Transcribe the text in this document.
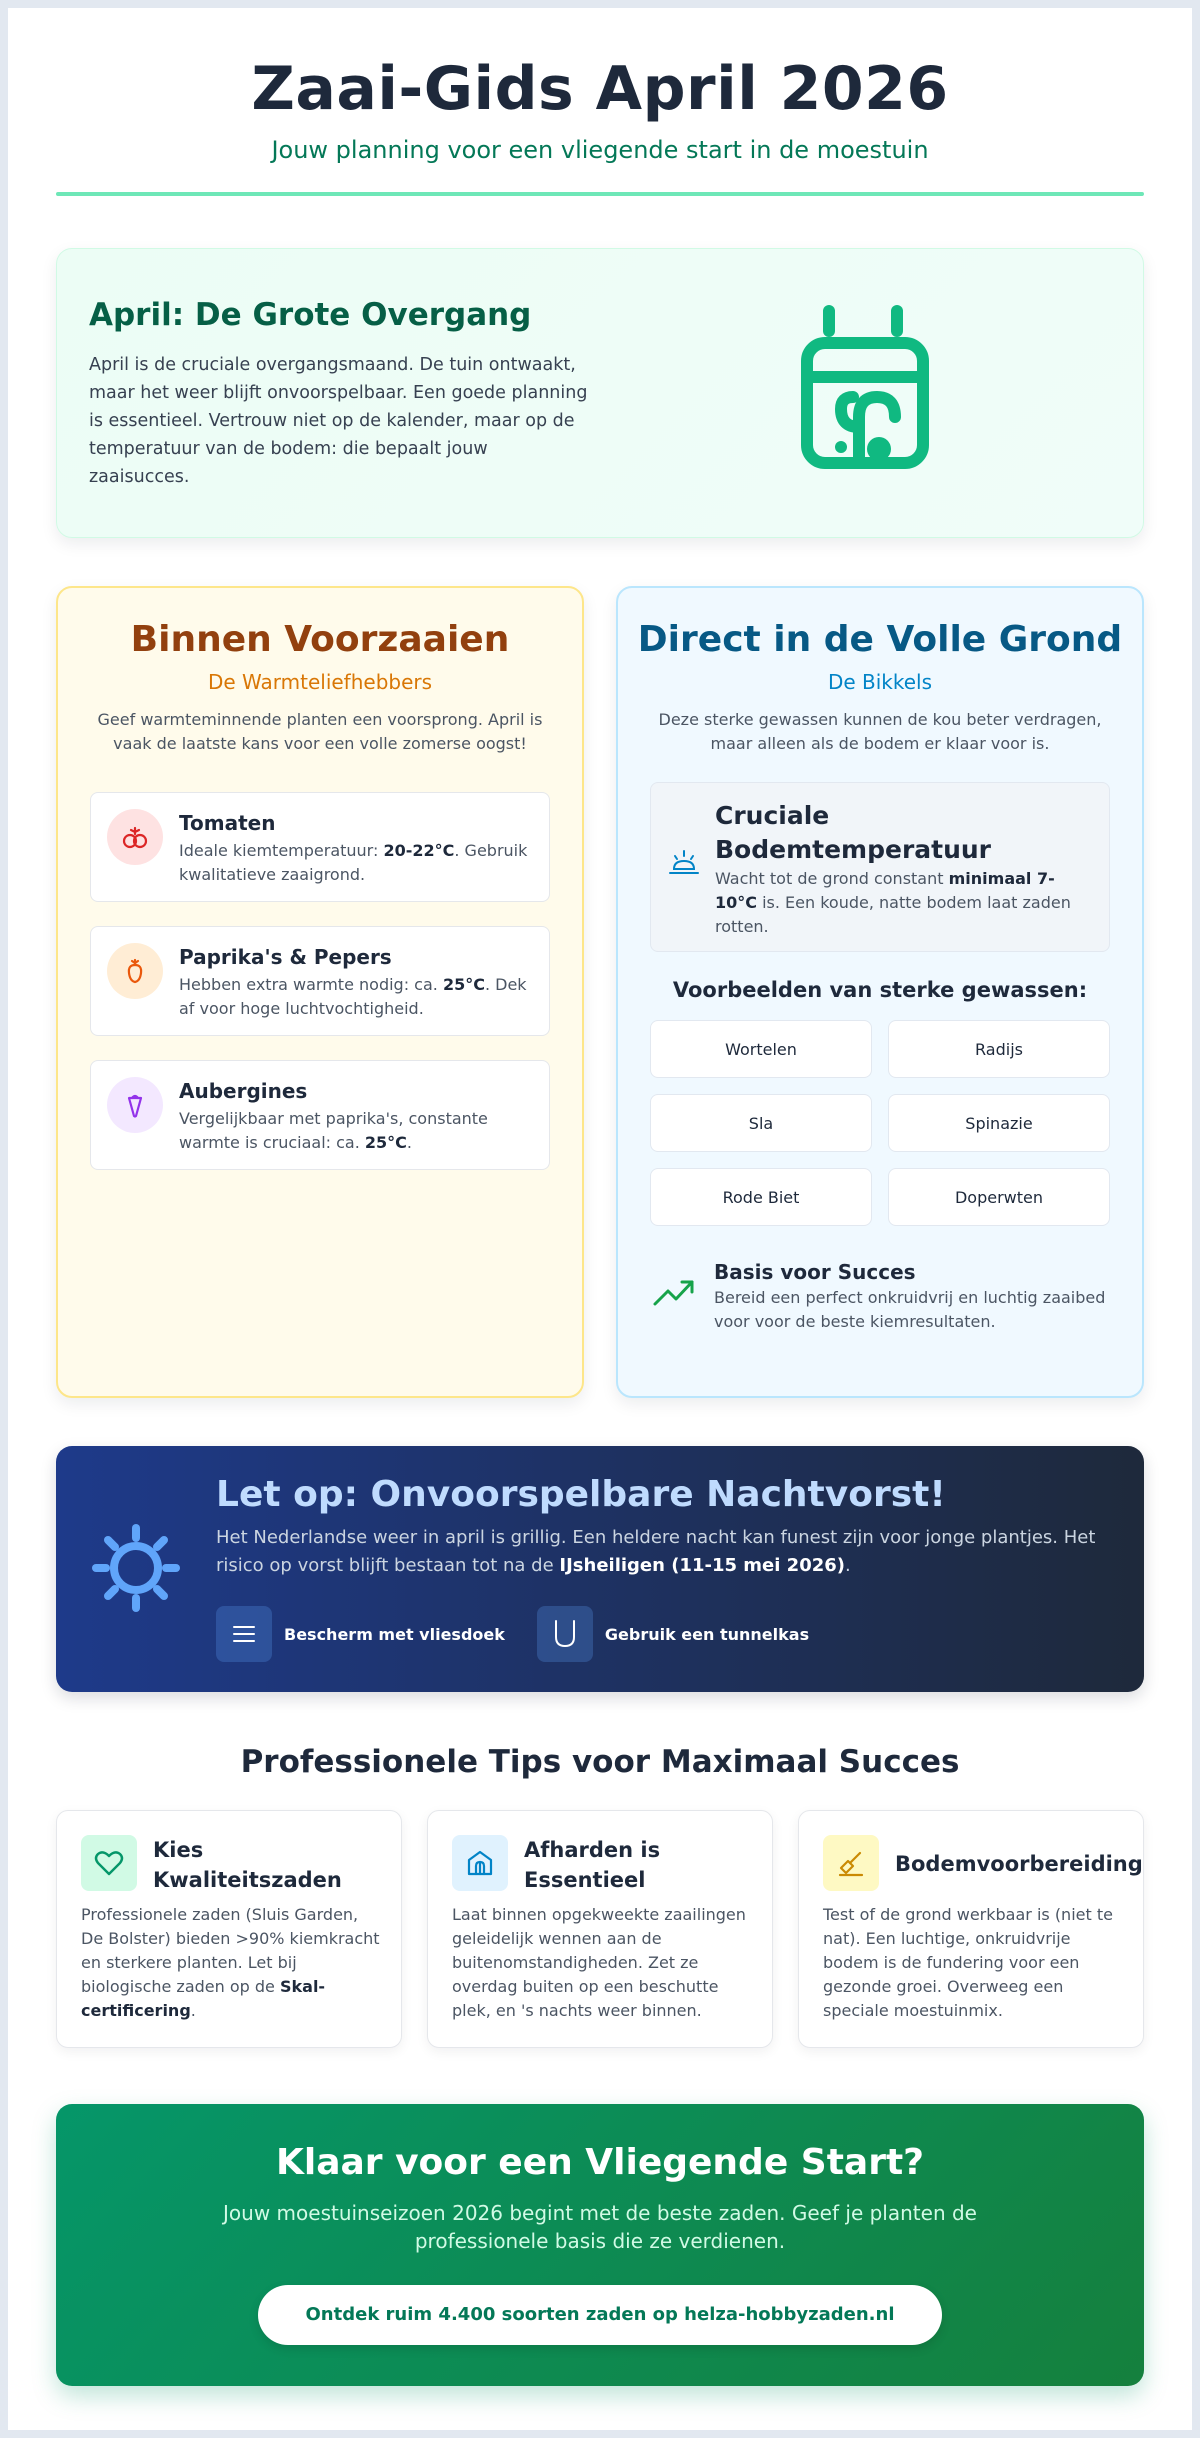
Zaai-Gids April 2026
Jouw planning voor een vliegende start in de moestuin
April: De Grote Overgang

April is de cruciale overgangsmaand. De tuin ontwaakt, maar het weer blijft onvoorspelbaar. Een goede planning is essentieel. Vertrouw niet op de kalender, maar op de temperatuur van de bodem: die bepaalt jouw zaaisucces.

Binnen Voorzaaien
De Warmteliefhebbers

Geef warmteminnende planten een voorsprong. April is vaak de laatste kans voor een volle zomerse oogst!

Tomaten
Ideale kiemtemperatuur: 20-22°C. Gebruik kwalitatieve zaaigrond.
Paprika's & Pepers
Hebben extra warmte nodig: ca. 25°C. Dek af voor hoge luchtvochtigheid.
Aubergines
Vergelijkbaar met paprika's, constante warmte is cruciaal: ca. 25°C.
Direct in de Volle Grond
De Bikkels

Deze sterke gewassen kunnen de kou beter verdragen, maar alleen als de bodem er klaar voor is.

Cruciale Bodemtemperatuur
Wacht tot de grond constant minimaal 7-10°C is. Een koude, natte bodem laat zaden rotten.
Voorbeelden van sterke gewassen:
Wortelen	Radijs
Sla	Spinazie
Rode Biet	Doperwten
Basis voor Succes
Bereid een perfect onkruidvrij en luchtig zaaibed voor voor de beste kiemresultaten.
Let op: Onvoorspelbare Nachtvorst!
Het Nederlandse weer in april is grillig. Een heldere nacht kan funest zijn voor jonge plantjes. Het risico op vorst blijft bestaan tot na de IJsheiligen (11-15 mei 2026).
Bescherm met vliesdoek	Gebruik een tunnelkas
Professionele Tips voor Maximaal Succes
Kies Kwaliteitszaden
Professionele zaden (Sluis Garden, De Bolster) bieden >90% kiemkracht en sterkere planten. Let bij biologische zaden op de Skal-certificering.
Afharden is Essentieel
Laat binnen opgekweekte zaailingen geleidelijk wennen aan de buitenomstandigheden. Zet ze overdag buiten op een beschutte plek, en 's nachts weer binnen.
Bodemvoorbereiding
Test of de grond werkbaar is (niet te nat). Een luchtige, onkruidvrije bodem is de fundering voor een gezonde groei. Overweeg een speciale moestuinmix.
Klaar voor een Vliegende Start?

Jouw moestuinseizoen 2026 begint met de beste zaden. Geef je planten de professionele basis die ze verdienen.

Ontdek ruim 4.400 soorten zaden op helza-hobbyzaden.nl
